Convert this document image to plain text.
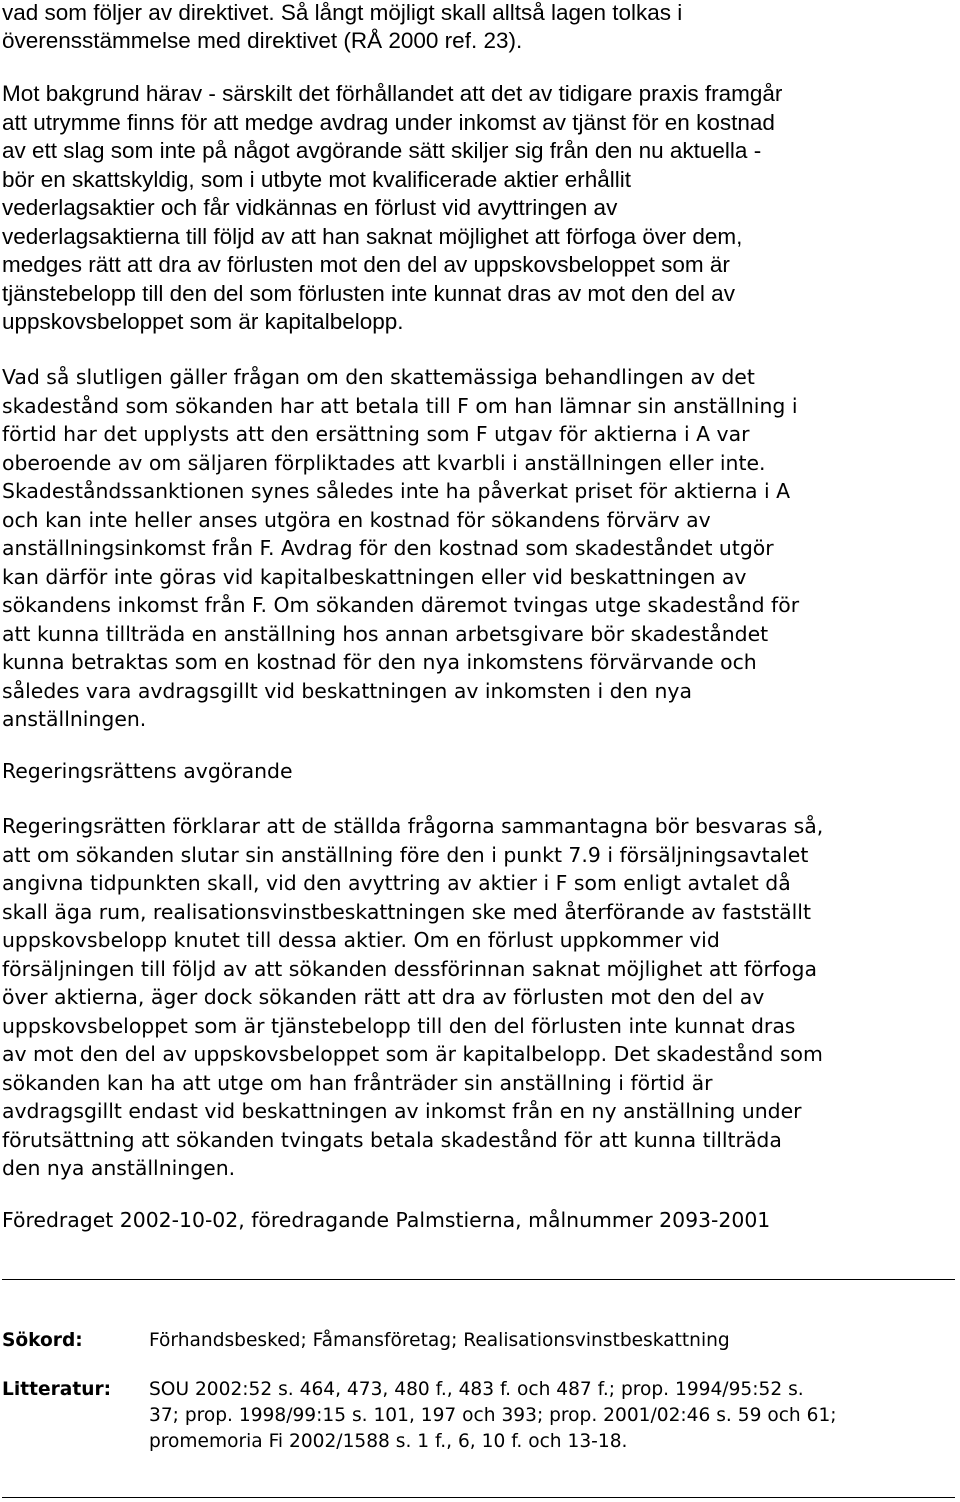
vad som följer av direktivet. Så långt möjligt skall alltså lagen tolkas i
överensstämmelse med direktivet (RÅ 2000 ref. 23).

Mot bakgrund härav - särskilt det förhållandet att det av tidigare praxis framgår
att utrymme finns för att medge avdrag under inkomst av tjänst för en kostnad
av ett slag som inte på något avgörande sätt skiljer sig från den nu aktuella -
bör en skattskyldig, som i utbyte mot kvalificerade aktier erhållit
vederlagsaktier och får vidkännas en förlust vid avyttringen av
vederlagsaktierna till följd av att han saknat möjlighet att förfoga över dem,
medges rätt att dra av förlusten mot den del av uppskovsbeloppet som är
tjänstebelopp till den del som förlusten inte kunnat dras av mot den del av
uppskovsbeloppet som är kapitalbelopp.

Vad så slutligen gäller frågan om den skattemässiga behandlingen av det
skadestånd som sökanden har att betala till F om han lämnar sin anställning i
förtid har det upplysts att den ersättning som F utgav för aktierna i A var
oberoende av om säljaren förpliktades att kvarbli i anställningen eller inte.
Skadeståndssanktionen synes således inte ha påverkat priset för aktierna i A
och kan inte heller anses utgöra en kostnad för sökandens förvärv av
anställningsinkomst från F. Avdrag för den kostnad som skadeståndet utgör
kan därför inte göras vid kapitalbeskattningen eller vid beskattningen av
sökandens inkomst från F. Om sökanden däremot tvingas utge skadestånd för
att kunna tillträda en anställning hos annan arbetsgivare bör skadeståndet
kunna betraktas som en kostnad för den nya inkomstens förvärvande och
således vara avdragsgillt vid beskattningen av inkomsten i den nya
anställningen.

Regeringsrättens avgörande

Regeringsrätten förklarar att de ställda frågorna sammantagna bör besvaras så,
att om sökanden slutar sin anställning före den i punkt 7.9 i försäljningsavtalet
angivna tidpunkten skall, vid den avyttring av aktier i F som enligt avtalet då
skall äga rum, realisationsvinstbeskattningen ske med återförande av fastställt
uppskovsbelopp knutet till dessa aktier. Om en förlust uppkommer vid
försäljningen till följd av att sökanden dessförinnan saknat möjlighet att förfoga
över aktierna, äger dock sökanden rätt att dra av förlusten mot den del av
uppskovsbeloppet som är tjänstebelopp till den del förlusten inte kunnat dras
av mot den del av uppskovsbeloppet som är kapitalbelopp. Det skadestånd som
sökanden kan ha att utge om han frånträder sin anställning i förtid är
avdragsgillt endast vid beskattningen av inkomst från en ny anställning under
förutsättning att sökanden tvingats betala skadestånd för att kunna tillträda
den nya anställningen.

Föredraget 2002-10-02, föredragande Palmstierna, målnummer 2093-2001

Sökord:	Förhandsbesked; Fåmansföretag; Realisationsvinstbeskattning
Litteratur: SOU 2002:52 s. 464, 473, 480 f., 483 f. och 487 f.; prop. 1994/95:52 s.
37; prop. 1998/99:15 s. 101, 197 och 393; prop. 2001/02:46 s. 59 och 61;
promemoria Fi 2002/1588 s. 1 f., 6, 10 f. och 13-18.
